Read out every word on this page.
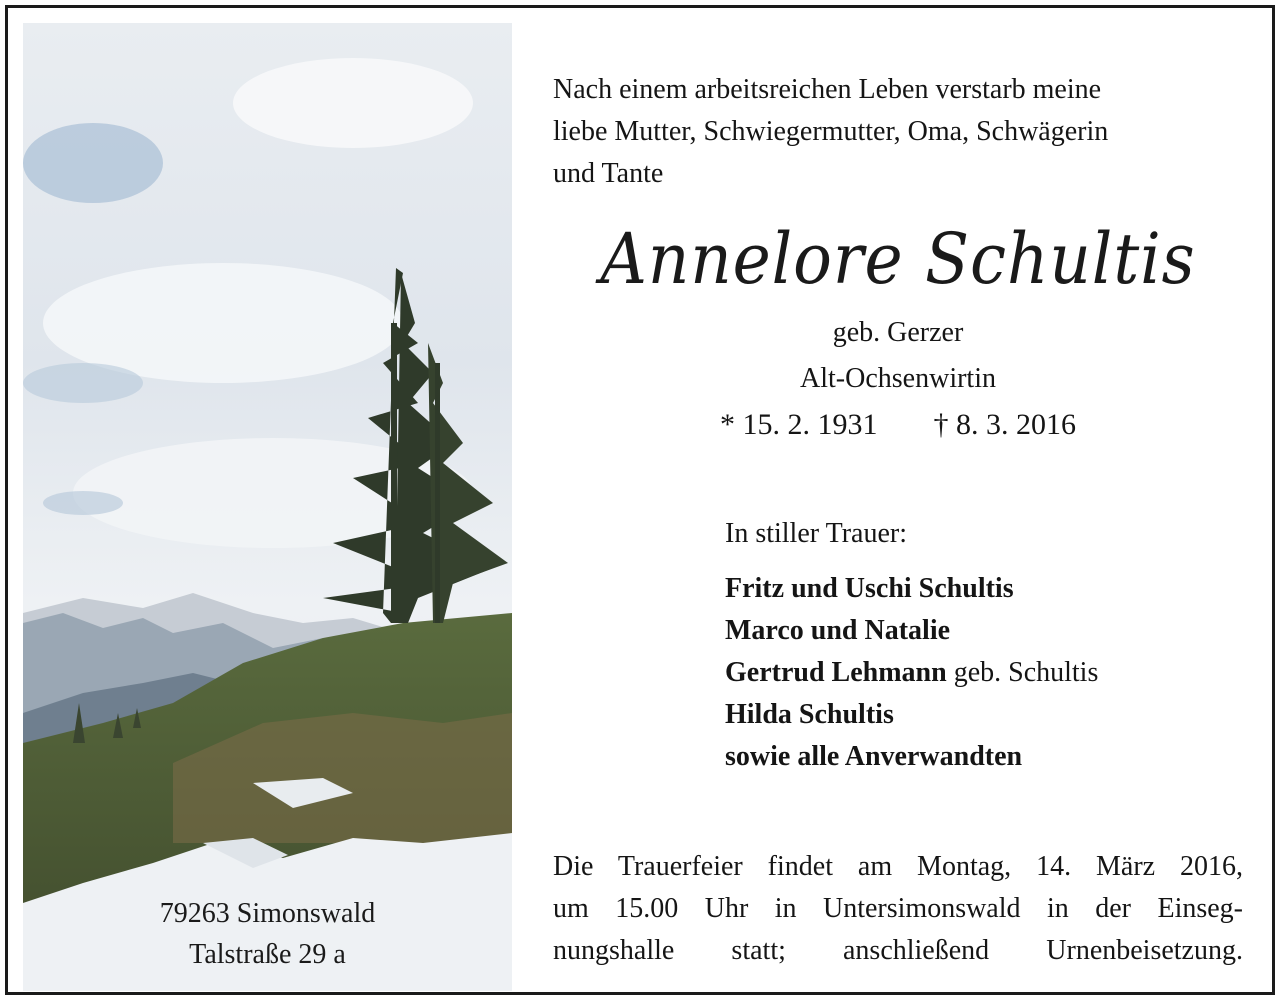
79263 Simonswald
Talstraße 29 a
Nach einem arbeitsreichen Leben verstarb meine
liebe Mutter, Schwiegermutter, Oma, Schwägerin
und Tante
Annelore Schultis
geb. Gerzer
Alt-Ochsenwirtin
* 15. 2. 1931 † 8. 3. 2016
In stiller Trauer:
Fritz und Uschi Schultis
Marco und Natalie
Gertrud Lehmann geb. Schultis
Hilda Schultis
sowie alle Anverwandten
Die Trauerfeier findet am Montag, 14. März 2016,
um 15.00 Uhr in Untersimonswald in der Einseg-
nungshalle statt; anschließend Urnenbeisetzung.
